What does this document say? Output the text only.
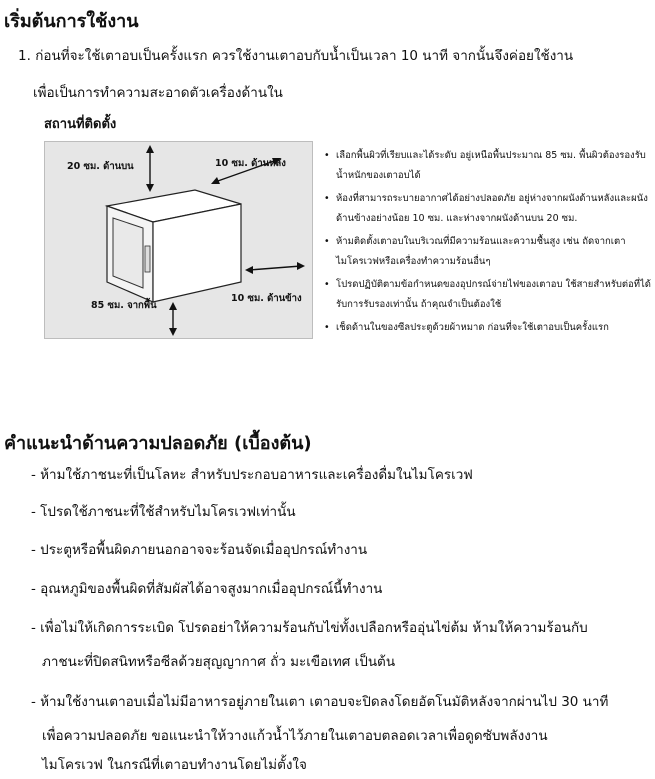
เริ่มต้นการใช้งาน
1. ก่อนที่จะใช้เตาอบเป็นครั้งแรก ควรใช้งานเตาอบกับน้ำเป็นเวลา 10 นาที จากนั้นจึงค่อยใช้งาน
เพื่อเป็นการทำความสะอาดตัวเครื่องด้านใน
สถานที่ติดตั้ง
20 ซม. ด้านบน	10 ซม. ด้านหลัง
85 ซม. จากพื้น
10 ซม. ด้านข้าง
• เลือกพื้นผิวที่เรียบและได้ระดับ อยู่เหนือพื้นประมาณ 85 ซม. พื้นผิวต้องรองรับน้ำหนักของเตาอบได้
• ห้องที่สามารถระบายอากาศได้อย่างปลอดภัย อยู่ห่างจากผนังด้านหลังและผนังด้านข้างอย่างน้อย 10 ซม. และห่างจากผนังด้านบน 20 ซม.
• ห้ามติดตั้งเตาอบในบริเวณที่มีความร้อนและความชื้นสูง เช่น ถัดจากเตาไมโครเวฟหรือเครื่องทำความร้อนอื่นๆ
• โปรดปฏิบัติตามข้อกำหนดของอุปกรณ์จ่ายไฟของเตาอบ ใช้สายสำหรับต่อที่ได้รับการรับรองเท่านั้น ถ้าคุณจำเป็นต้องใช้
• เช็ดด้านในของซีลประตูด้วยผ้าหมาด ก่อนที่จะใช้เตาอบเป็นครั้งแรก
คำแนะนำด้านความปลอดภัย (เบื้องต้น)
- ห้ามใช้ภาชนะที่เป็นโลหะ สำหรับประกอบอาหารและเครื่องดื่มในไมโครเวฟ
- โปรดใช้ภาชนะที่ใช้สำหรับไมโครเวฟเท่านั้น
- ประตูหรือพื้นผิดภายนอกอาจจะร้อนจัดเมื่ออุปกรณ์ทำงาน
- อุณหภูมิของพื้นผิดที่สัมผัสได้อาจสูงมากเมื่ออุปกรณ์นี้ทำงาน
- เพื่อไม่ให้เกิดการระเบิด โปรดอย่าให้ความร้อนกับไข่ทั้งเปลือกหรืออุ่นไข่ต้ม ห้ามให้ความร้อนกับ
ภาชนะที่ปิดสนิทหรือซีลด้วยสุญญากาศ ถั่ว มะเขือเทศ เป็นต้น
- ห้ามใช้งานเตาอบเมื่อไม่มีอาหารอยู่ภายในเตา เตาอบจะปิดลงโดยอัตโนมัติหลังจากผ่านไป 30 นาที
เพื่อความปลอดภัย ขอแนะนำให้วางแก้วน้ำไว้ภายในเตาอบตลอดเวลาเพื่อดูดซับพลังงาน
ไมโครเวฟ ในกรณีที่เตาอบทำงานโดยไม่ตั้งใจ
